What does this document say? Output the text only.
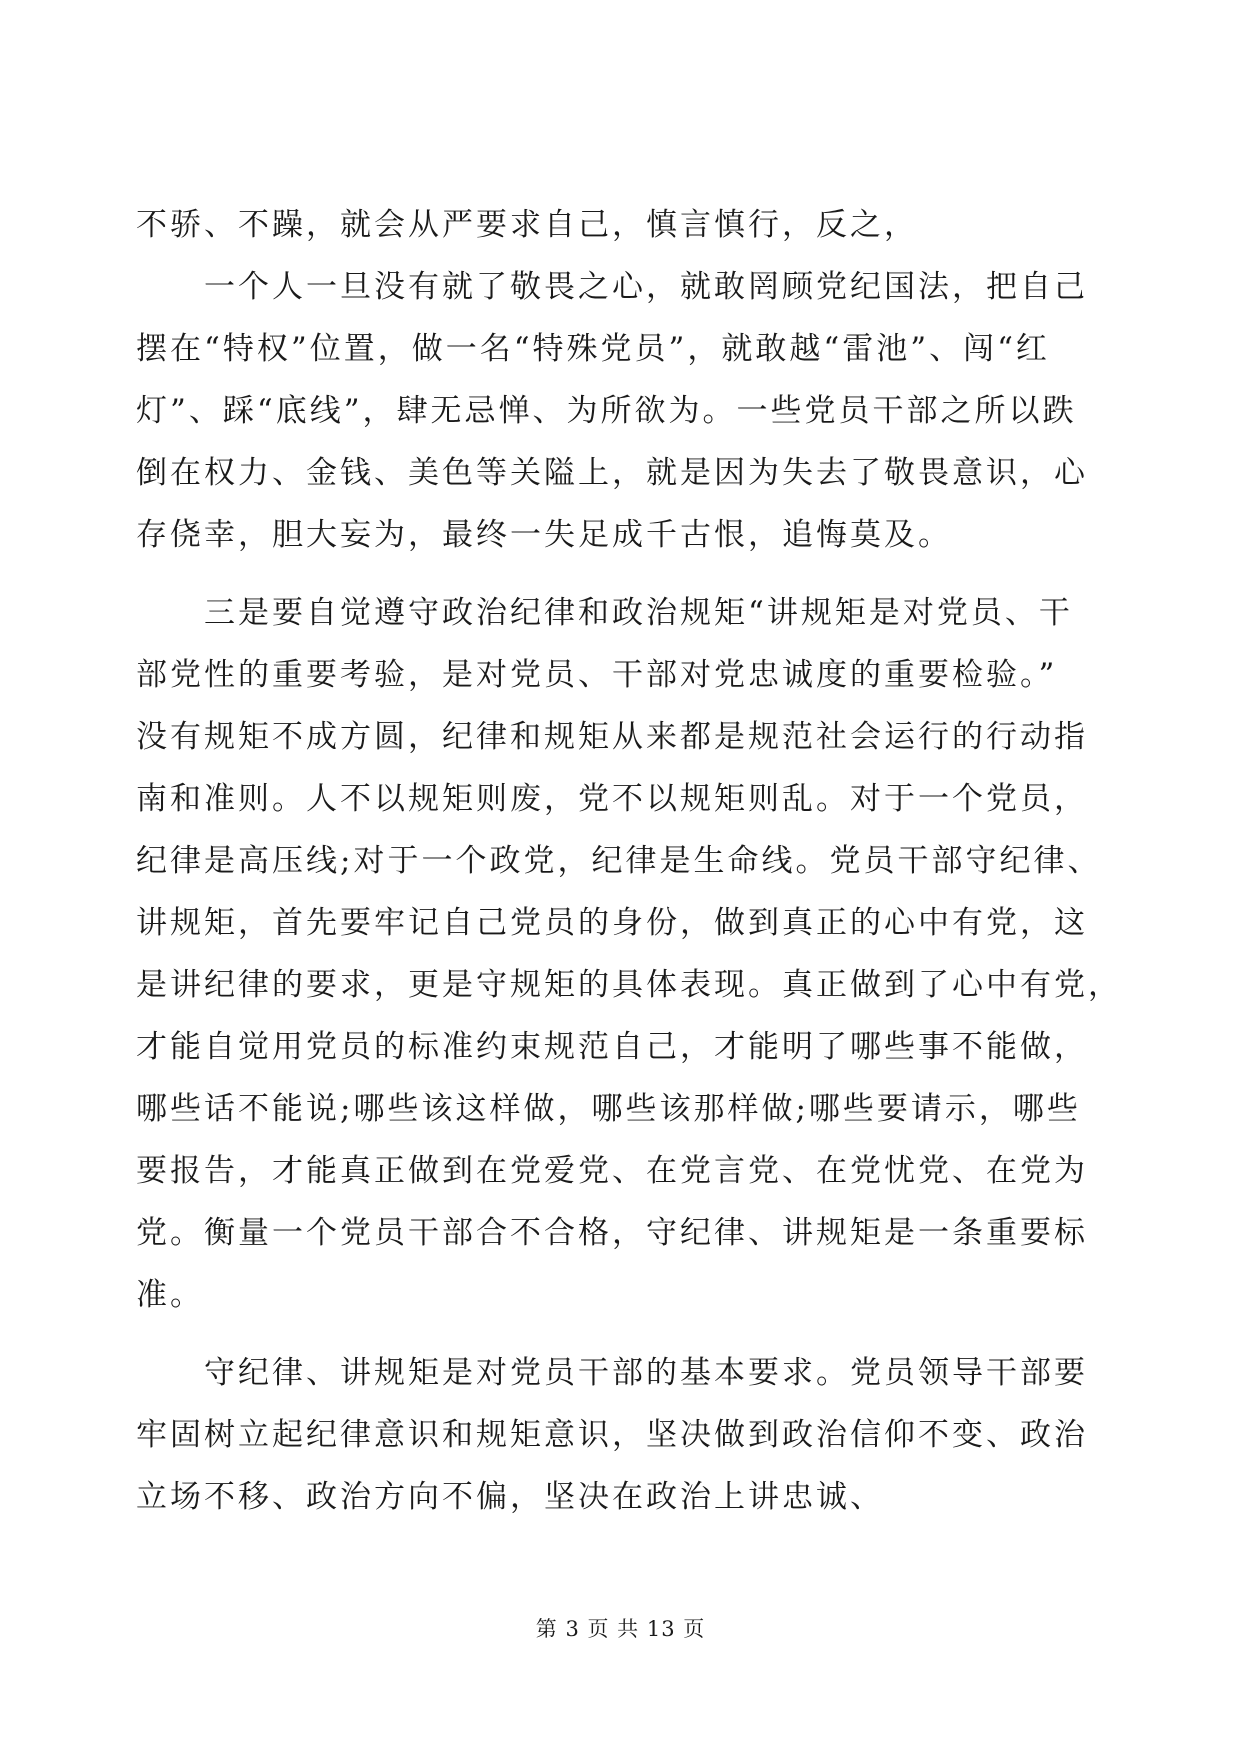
不骄、不躁，就会从严要求自己，慎言慎行，反之，
　　一个人一旦没有就了敬畏之心，就敢罔顾党纪国法，把自己
摆在“特权”位置，做一名“特殊党员”，就敢越“雷池”、闯“红
灯”、踩“底线”，肆无忌惮、为所欲为。一些党员干部之所以跌
倒在权力、金钱、美色等关隘上，就是因为失去了敬畏意识，心
存侥幸，胆大妄为，最终一失足成千古恨，追悔莫及。
　　三是要自觉遵守政治纪律和政治规矩“讲规矩是对党员、干
部党性的重要考验，是对党员、干部对党忠诚度的重要检验。”
没有规矩不成方圆，纪律和规矩从来都是规范社会运行的行动指
南和准则。人不以规矩则废，党不以规矩则乱。对于一个党员，
纪律是高压线;对于一个政党，纪律是生命线。党员干部守纪律、
讲规矩，首先要牢记自己党员的身份，做到真正的心中有党，这
是讲纪律的要求，更是守规矩的具体表现。真正做到了心中有党，
才能自觉用党员的标准约束规范自己，才能明了哪些事不能做，
哪些话不能说;哪些该这样做，哪些该那样做;哪些要请示，哪些
要报告，才能真正做到在党爱党、在党言党、在党忧党、在党为
党。衡量一个党员干部合不合格，守纪律、讲规矩是一条重要标
准。
　　守纪律、讲规矩是对党员干部的基本要求。党员领导干部要
牢固树立起纪律意识和规矩意识，坚决做到政治信仰不变、政治
立场不移、政治方向不偏，坚决在政治上讲忠诚、
第 3 页 共 13 页
